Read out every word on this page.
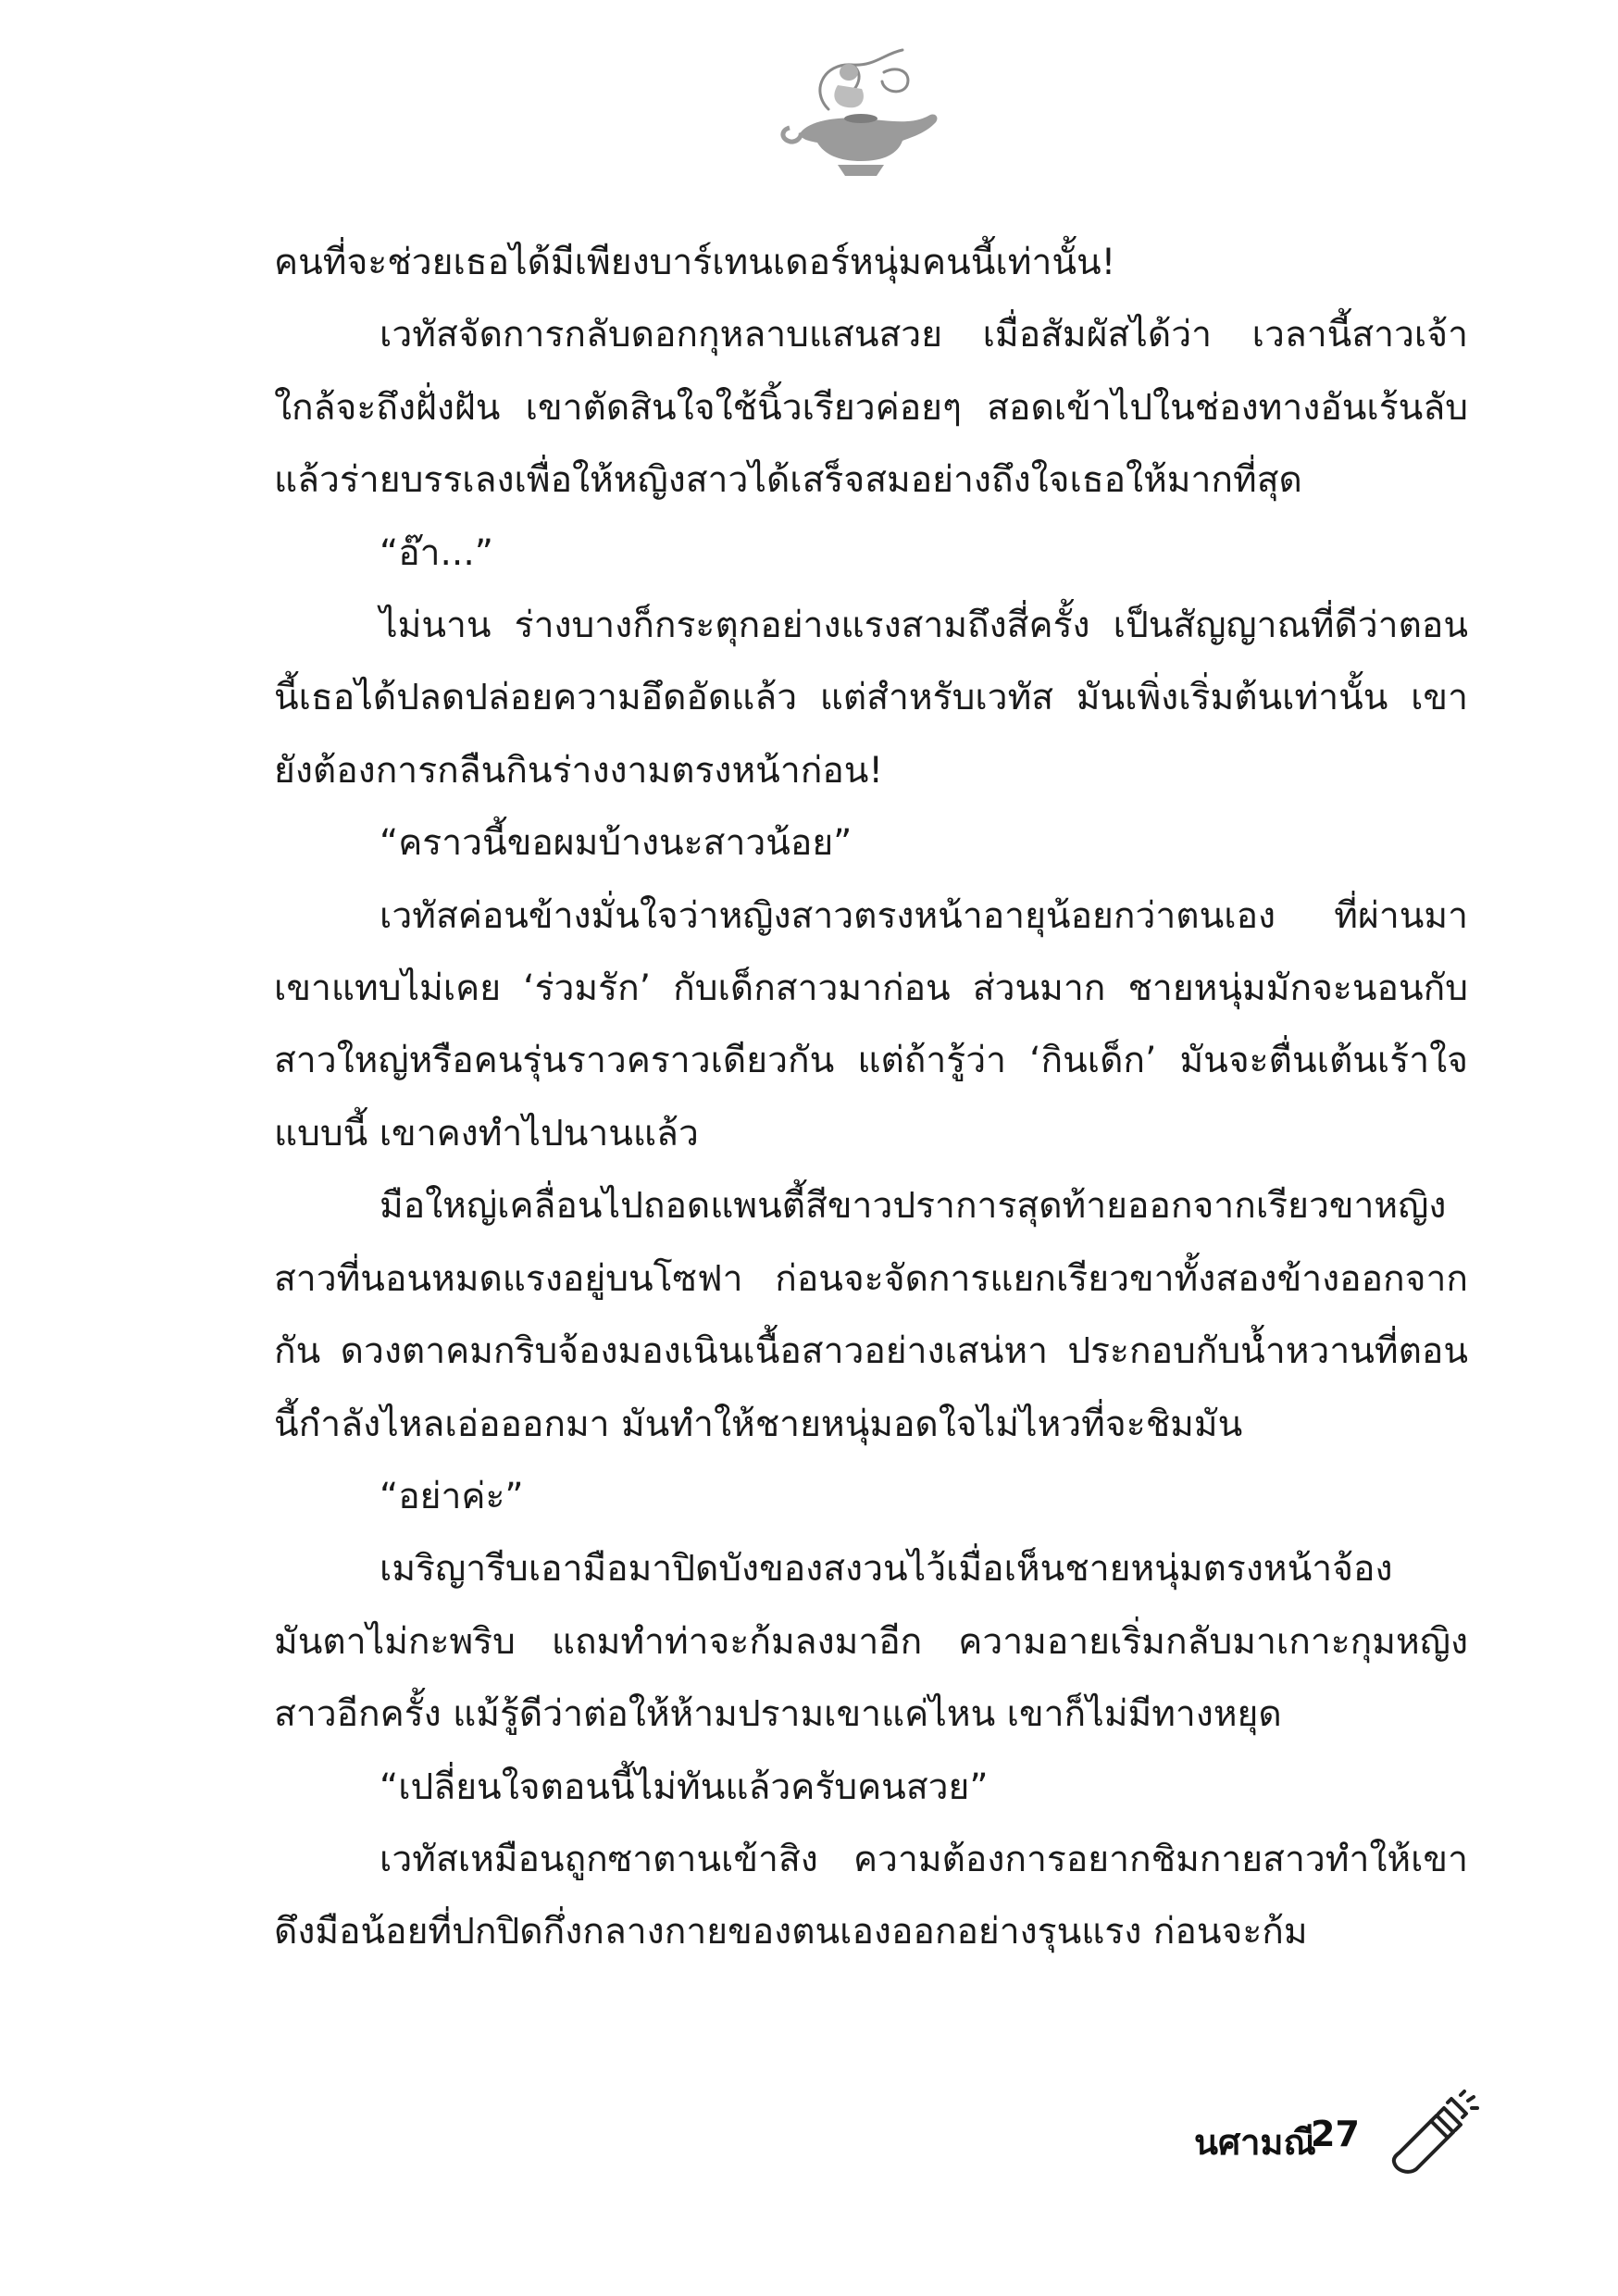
คนที่จะช่วยเธอได้มีเพียงบาร์เทนเดอร์หนุ่มคนนี้เท่านั้น!

เวทัสจัดการกลับดอกกุหลาบแสนสวย เมื่อสัมผัสได้ว่า เวลานี้สาวเจ้าใกล้จะถึงฝั่งฝัน เขาตัดสินใจใช้นิ้วเรียวค่อยๆ สอดเข้าไปในช่องทางอันเร้นลับ แล้วร่ายบรรเลงเพื่อให้หญิงสาวได้เสร็จสมอย่างถึงใจเธอให้มากที่สุด

“อ๊า...”

ไม่นาน ร่างบางก็กระตุกอย่างแรงสามถึงสี่ครั้ง เป็นสัญญาณที่ดีว่าตอนนี้เธอได้ปลดปล่อยความอึดอัดแล้ว แต่สำหรับเวทัส มันเพิ่งเริ่มต้นเท่านั้น เขายังต้องการกลืนกินร่างงามตรงหน้าก่อน!

“คราวนี้ขอผมบ้างนะสาวน้อย”

เวทัสค่อนข้างมั่นใจว่าหญิงสาวตรงหน้าอายุน้อยกว่าตนเอง ที่ผ่านมาเขาแทบไม่เคย ‘ร่วมรัก’ กับเด็กสาวมาก่อน ส่วนมาก ชายหนุ่มมักจะนอนกับสาวใหญ่หรือคนรุ่นราวคราวเดียวกัน แต่ถ้ารู้ว่า ‘กินเด็ก’ มันจะตื่นเต้นเร้าใจแบบนี้ เขาคงทำไปนานแล้ว

มือใหญ่เคลื่อนไปถอดแพนตี้สีขาวปราการสุดท้ายออกจากเรียวขาหญิงสาวที่นอนหมดแรงอยู่บนโซฟา ก่อนจะจัดการแยกเรียวขาทั้งสองข้างออกจากกัน ดวงตาคมกริบจ้องมองเนินเนื้อสาวอย่างเสน่หา ประกอบกับน้ำหวานที่ตอนนี้กำลังไหลเอ่อออกมา มันทำให้ชายหนุ่มอดใจไม่ไหวที่จะชิมมัน

“อย่าค่ะ”

เมริญารีบเอามือมาปิดบังของสงวนไว้เมื่อเห็นชายหนุ่มตรงหน้าจ้องมันตาไม่กะพริบ แถมทำท่าจะก้มลงมาอีก ความอายเริ่มกลับมาเกาะกุมหญิงสาวอีกครั้ง แม้รู้ดีว่าต่อให้ห้ามปรามเขาแค่ไหน เขาก็ไม่มีทางหยุด

“เปลี่ยนใจตอนนี้ไม่ทันแล้วครับคนสวย”

เวทัสเหมือนถูกซาตานเข้าสิง ความต้องการอยากชิมกายสาวทำให้เขาดึงมือน้อยที่ปกปิดกึ่งกลางกายของตนเองออกอย่างรุนแรง ก่อนจะก้ม

นศามณี
27
